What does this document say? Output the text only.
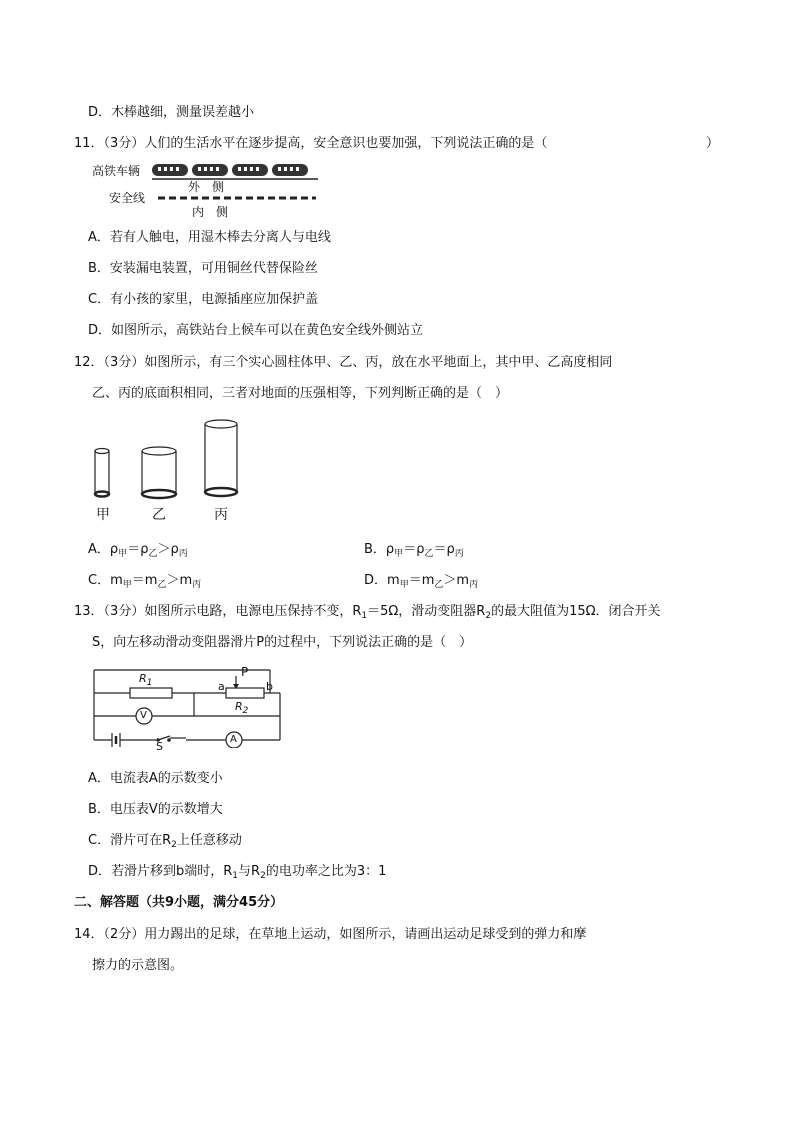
D．木棒越细，测量误差越小
11．（3分）人们的生活水平在逐步提高，安全意识也要加强，下列说法正确的是（	）
高铁车辆
安全线
外　侧
内　侧
A．若有人触电，用湿木棒去分离人与电线
B．安装漏电装置，可用铜丝代替保险丝
C．有小孩的家里，电源插座应加保护盖
D．如图所示，高铁站台上候车可以在黄色安全线外侧站立
12．（3分）如图所示，有三个实心圆柱体甲、乙、丙，放在水平地面上，其中甲、乙高度相同
乙、丙的底面积相同，三者对地面的压强相等，下列判断正确的是（　）
甲	乙	丙
A．$\rho_甲=\rho_乙>\rho_丙$	B．$\rho_甲=\rho_乙=\rho_丙$
C．$m_甲=m_乙>m_丙$	D．$m_甲=m_乙>m_丙$
13．（3分）如图所示电路，电源电压保持不变，$R_1=5\Omega$，滑动变阻器$R_2$的最大阻值为15Ω．闭合开关
S，向左移动滑动变阻器滑片P的过程中，下列说法正确的是（　）
$R_1$
P
a	b
$R_2$
V
A
S
A．电流表A的示数变小
B．电压表V的示数增大
C．滑片可在$R_2$上任意移动
D．若滑片移到b端时，$R_1$与$R_2$的电功率之比为3：1
二、解答题（共9小题，满分45分）
14．（2分）用力踢出的足球，在草地上运动，如图所示，请画出运动足球受到的弹力和摩
擦力的示意图。
